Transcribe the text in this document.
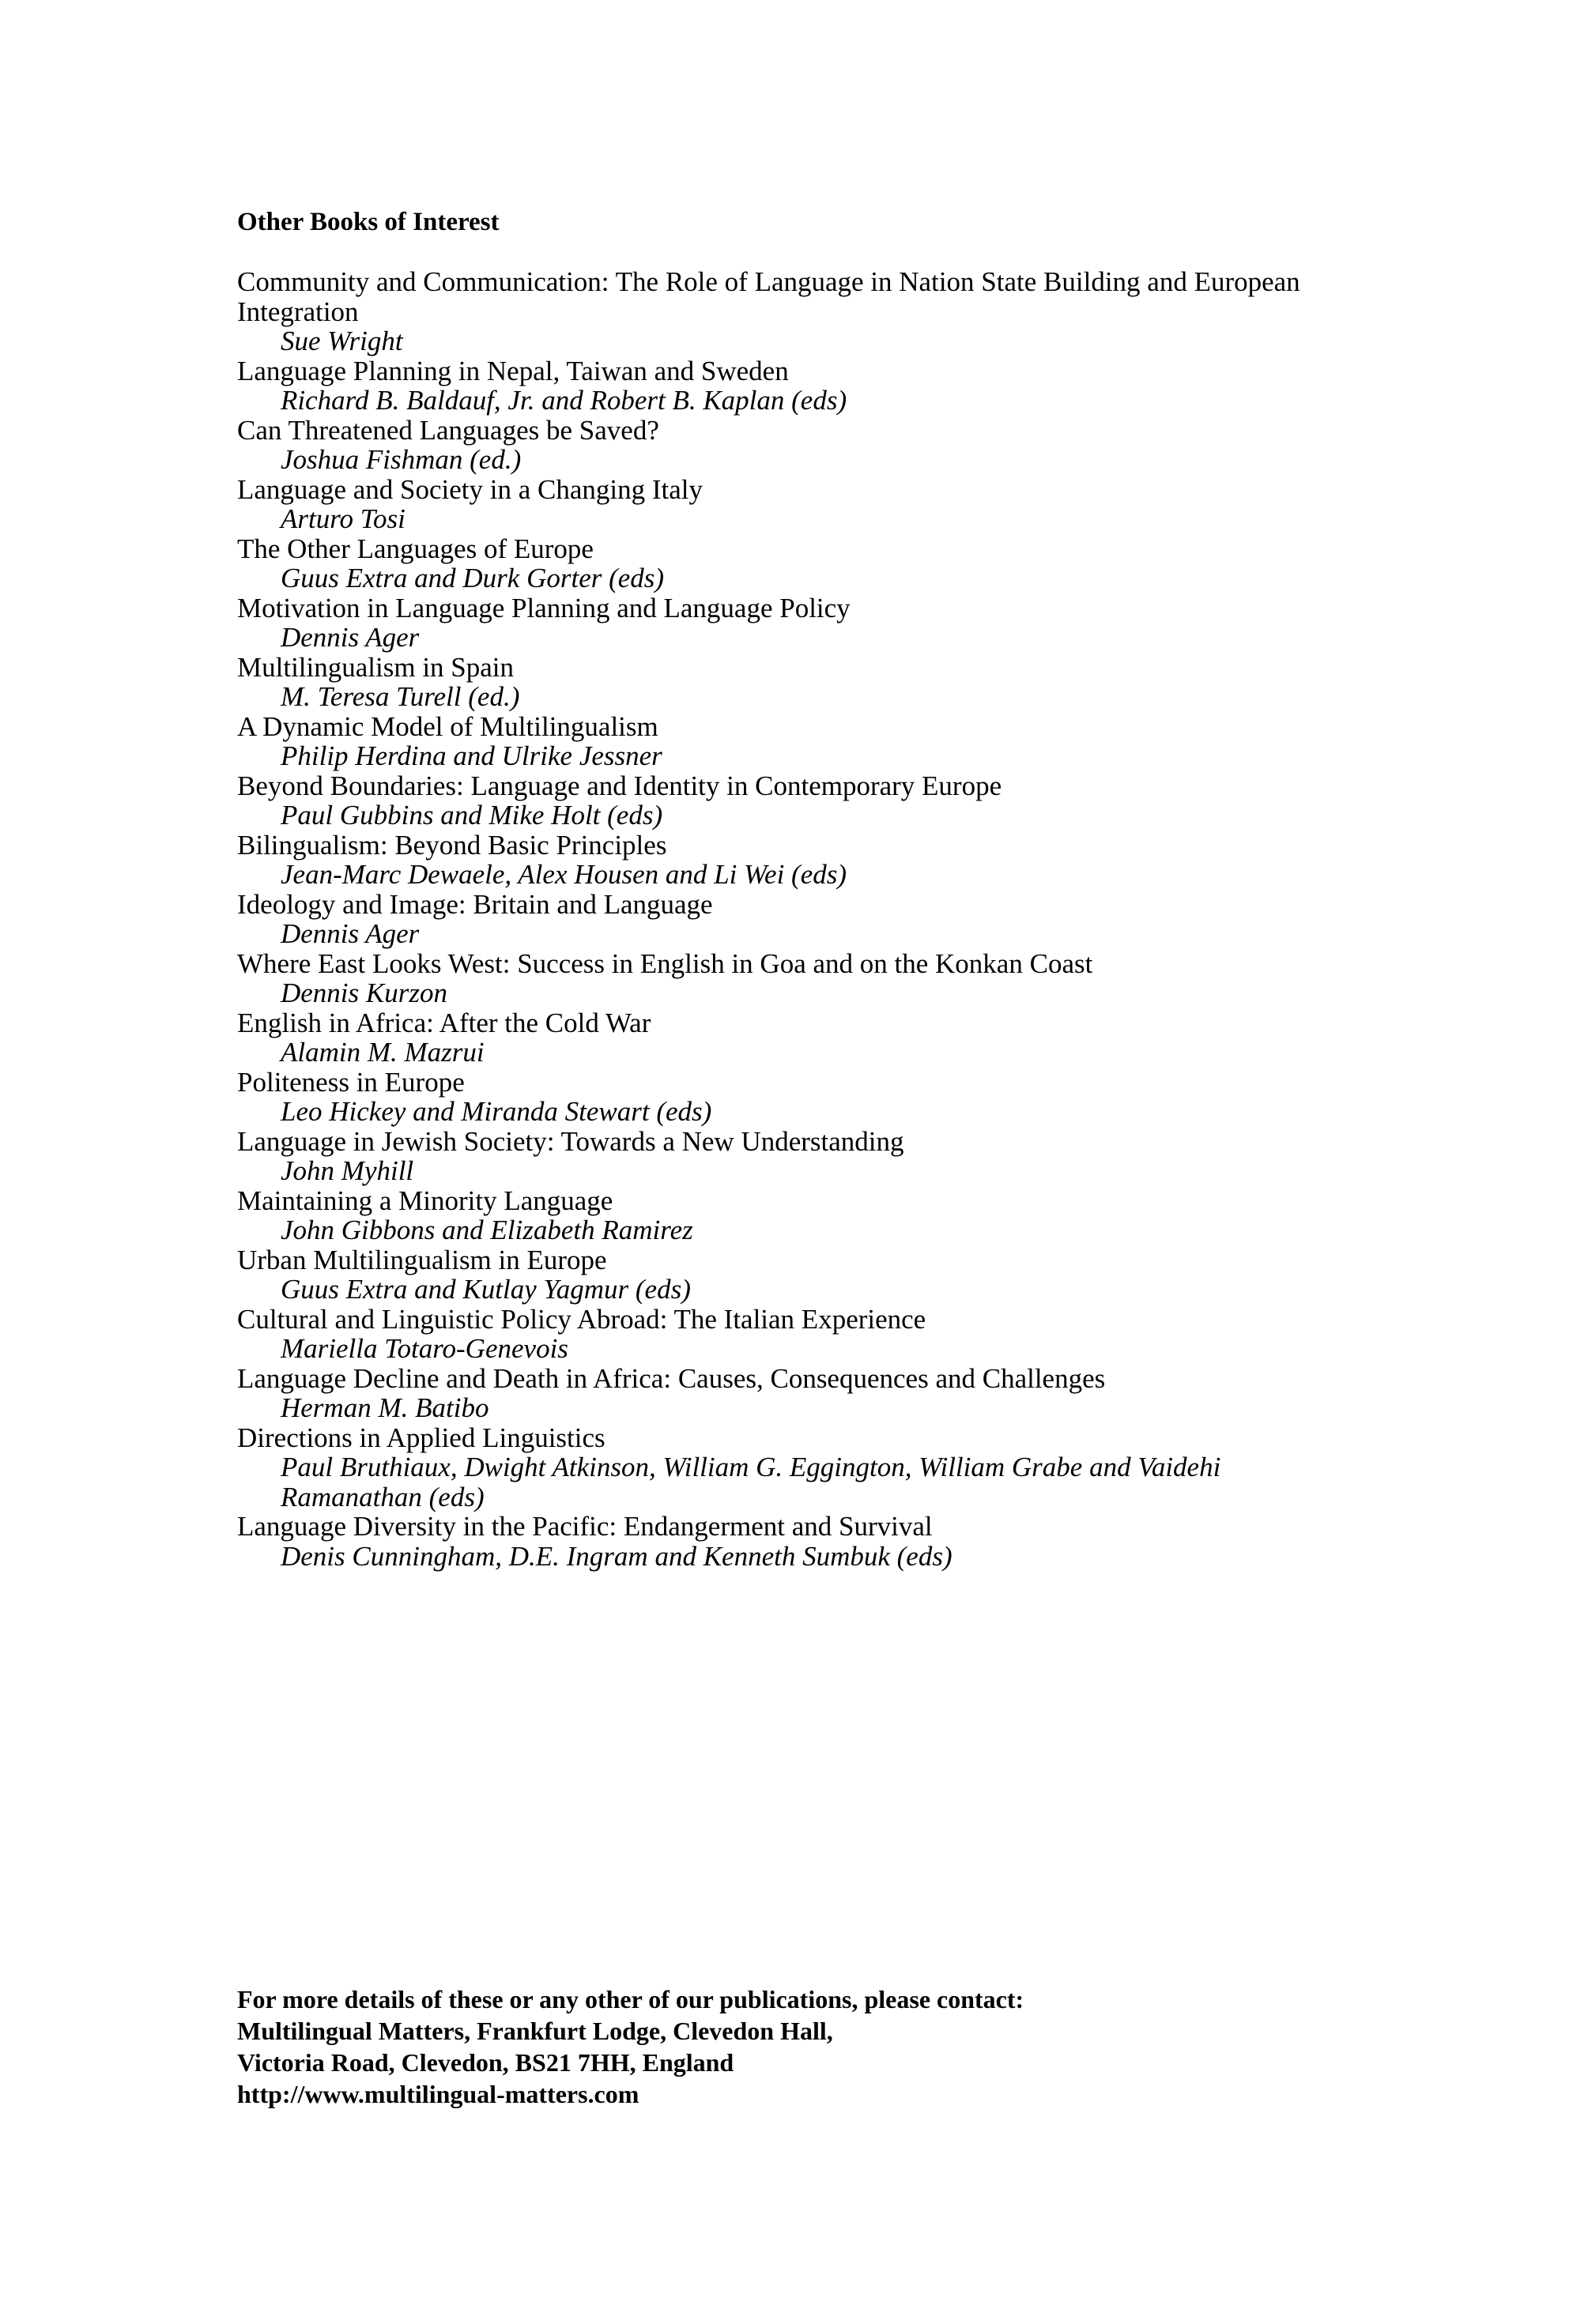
Other Books of Interest
Community and Communication: The Role of Language in Nation State Building and European Integration
Sue Wright
Language Planning in Nepal, Taiwan and Sweden
Richard B. Baldauf, Jr. and Robert B. Kaplan (eds)
Can Threatened Languages be Saved?
Joshua Fishman (ed.)
Language and Society in a Changing Italy
Arturo Tosi
The Other Languages of Europe
Guus Extra and Durk Gorter (eds)
Motivation in Language Planning and Language Policy
Dennis Ager
Multilingualism in Spain
M. Teresa Turell (ed.)
A Dynamic Model of Multilingualism
Philip Herdina and Ulrike Jessner
Beyond Boundaries: Language and Identity in Contemporary Europe
Paul Gubbins and Mike Holt (eds)
Bilingualism: Beyond Basic Principles
Jean-Marc Dewaele, Alex Housen and Li Wei (eds)
Ideology and Image: Britain and Language
Dennis Ager
Where East Looks West: Success in English in Goa and on the Konkan Coast
Dennis Kurzon
English in Africa: After the Cold War
Alamin M. Mazrui
Politeness in Europe
Leo Hickey and Miranda Stewart (eds)
Language in Jewish Society: Towards a New Understanding
John Myhill
Maintaining a Minority Language
John Gibbons and Elizabeth Ramirez
Urban Multilingualism in Europe
Guus Extra and Kutlay Yagmur (eds)
Cultural and Linguistic Policy Abroad: The Italian Experience
Mariella Totaro-Genevois
Language Decline and Death in Africa: Causes, Consequences and Challenges
Herman M. Batibo
Directions in Applied Linguistics
Paul Bruthiaux, Dwight Atkinson, William G. Eggington, William Grabe and Vaidehi Ramanathan (eds)
Language Diversity in the Pacific: Endangerment and Survival
Denis Cunningham, D.E. Ingram and Kenneth Sumbuk (eds)
For more details of these or any other of our publications, please contact:
Multilingual Matters, Frankfurt Lodge, Clevedon Hall,
Victoria Road, Clevedon, BS21 7HH, England
http://www.multilingual-matters.com
